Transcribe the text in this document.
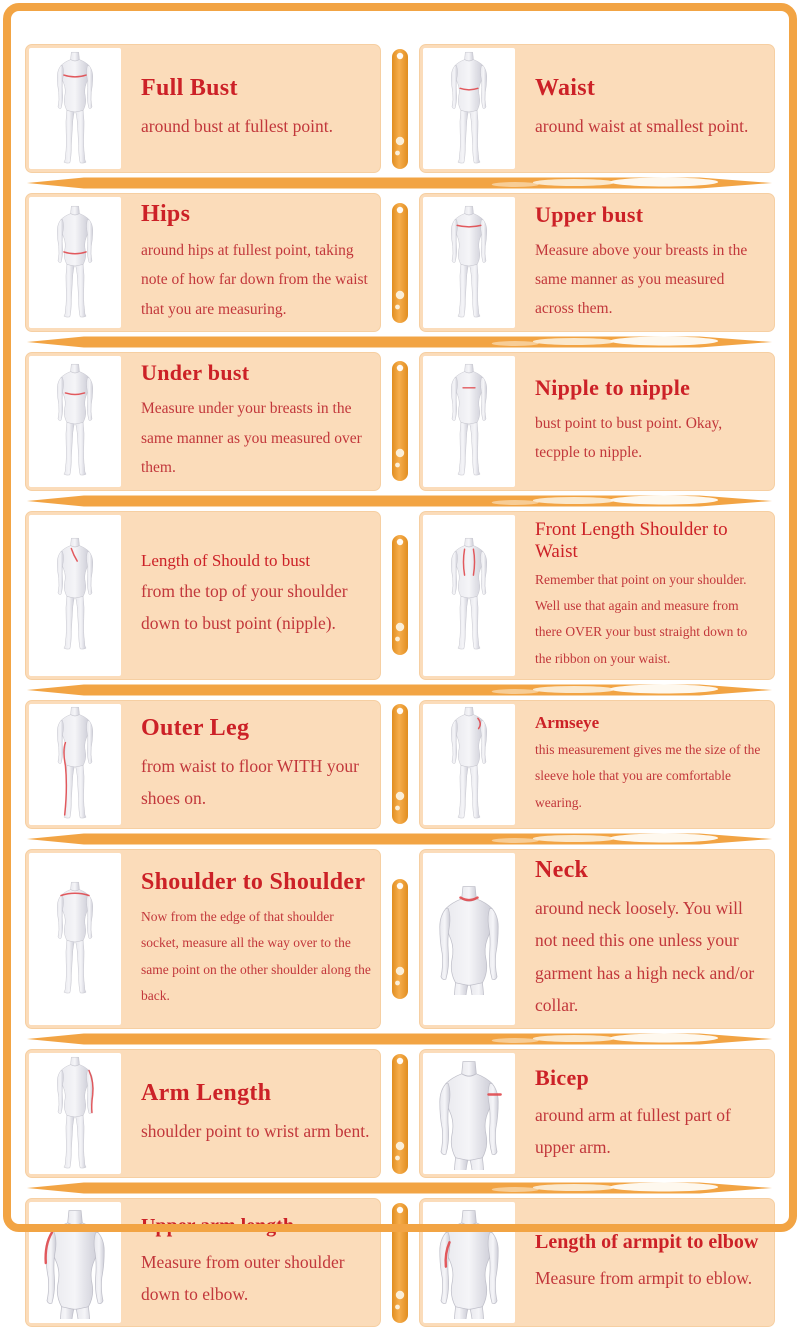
Full Bust
around bust at fullest point.
Waist
around waist at smallest point.
Hips
around hips at fullest point, taking note of how far down from the waist that you are measuring.
Upper bust
Measure above your breasts in the same manner as you measured across them.
Under bust
Measure under your breasts in the same manner as you measured over them.
Nipple to nipple
bust point to bust point. Okay, tecpple to nipple.
Length of Should to bust
from the top of your shoulder down to bust point (nipple).
Front Length Shoulder to Waist
Remember that point on your shoulder. Well use that again and measure from there OVER your bust straight down to the ribbon on your waist.
Outer Leg
from waist to floor WITH your shoes on.
Armseye
this measurement gives me the size of the sleeve hole that you are comfortable wearing.
Shoulder to Shoulder
Now from the edge of that shoulder socket, measure all the way over to the same point on the other shoulder along the back.
Neck
around neck loosely. You will not need this one unless your garment has a high neck and/or collar.
Arm Length
shoulder point to wrist arm bent.
Bicep
around arm at fullest part of upper arm.
Upper arm length
Measure from outer shoulder down to elbow.
Length of armpit to elbow
Measure from armpit to eblow.
